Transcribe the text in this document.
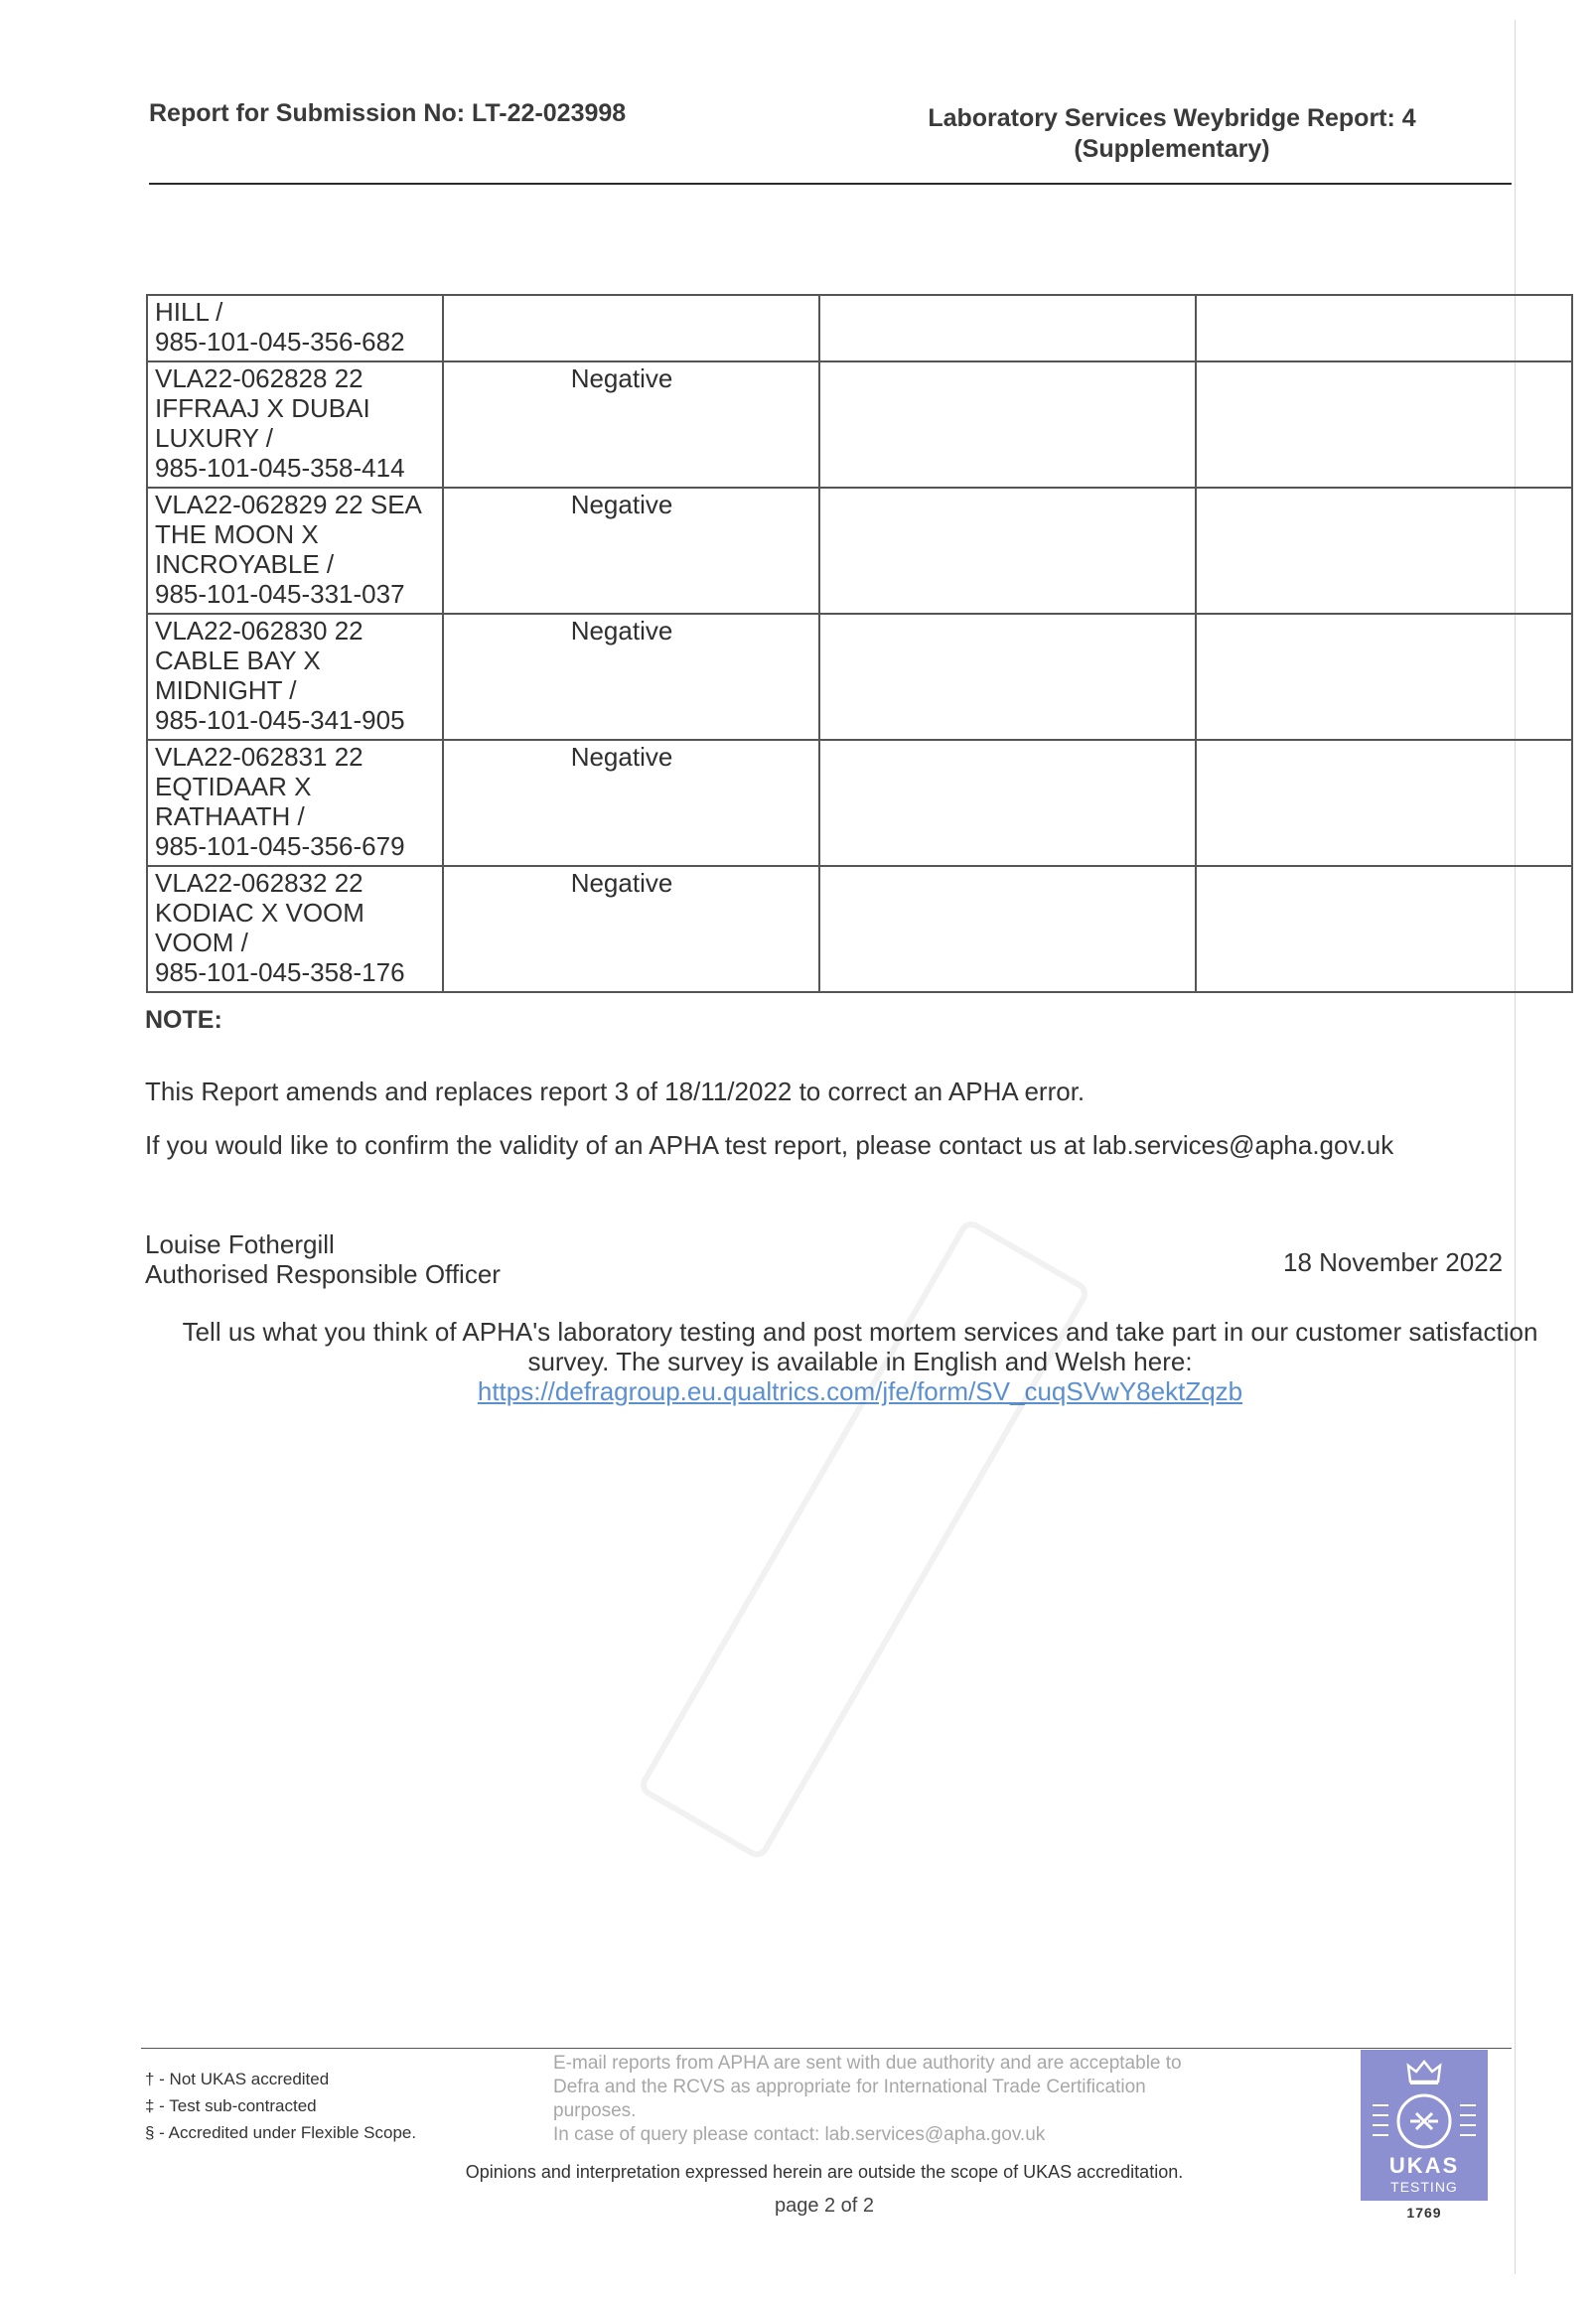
Report for Submission No: LT-22-023998	Laboratory Services Weybridge Report: 4
(Supplementary)
HILL /
985-101-045-356-682			

VLA22-062828 22
IFFRAAJ X DUBAI
LUXURY /
985-101-045-358-414	Negative		

VLA22-062829 22 SEA
THE MOON X
INCROYABLE /
985-101-045-331-037	Negative		

VLA22-062830 22
CABLE BAY X
MIDNIGHT /
985-101-045-341-905	Negative		

VLA22-062831 22
EQTIDAAR X
RATHAATH /
985-101-045-356-679	Negative		

VLA22-062832 22
KODIAC X VOOM
VOOM /
985-101-045-358-176	Negative		
NOTE:
This Report amends and replaces report 3 of 18/11/2022 to correct an APHA error.
If you would like to confirm the validity of an APHA test report, please contact us at lab.services@apha.gov.uk
Louise Fothergill
Authorised Responsible Officer	18 November 2022
Tell us what you think of APHA's laboratory testing and post mortem services and take part in our customer satisfaction
survey. The survey is available in English and Welsh here:
https://defragroup.eu.qualtrics.com/jfe/form/SV_cuqSVwY8ektZqzb
† - Not UKAS accredited
‡ - Test sub-contracted
§ - Accredited under Flexible Scope.
E-mail reports from APHA are sent with due authority and are acceptable to
Defra and the RCVS as appropriate for International Trade Certification
purposes.
In case of query please contact: lab.services@apha.gov.uk
Opinions and interpretation expressed herein are outside the scope of UKAS accreditation.
page 2 of 2
UKAS
TESTING
1769
